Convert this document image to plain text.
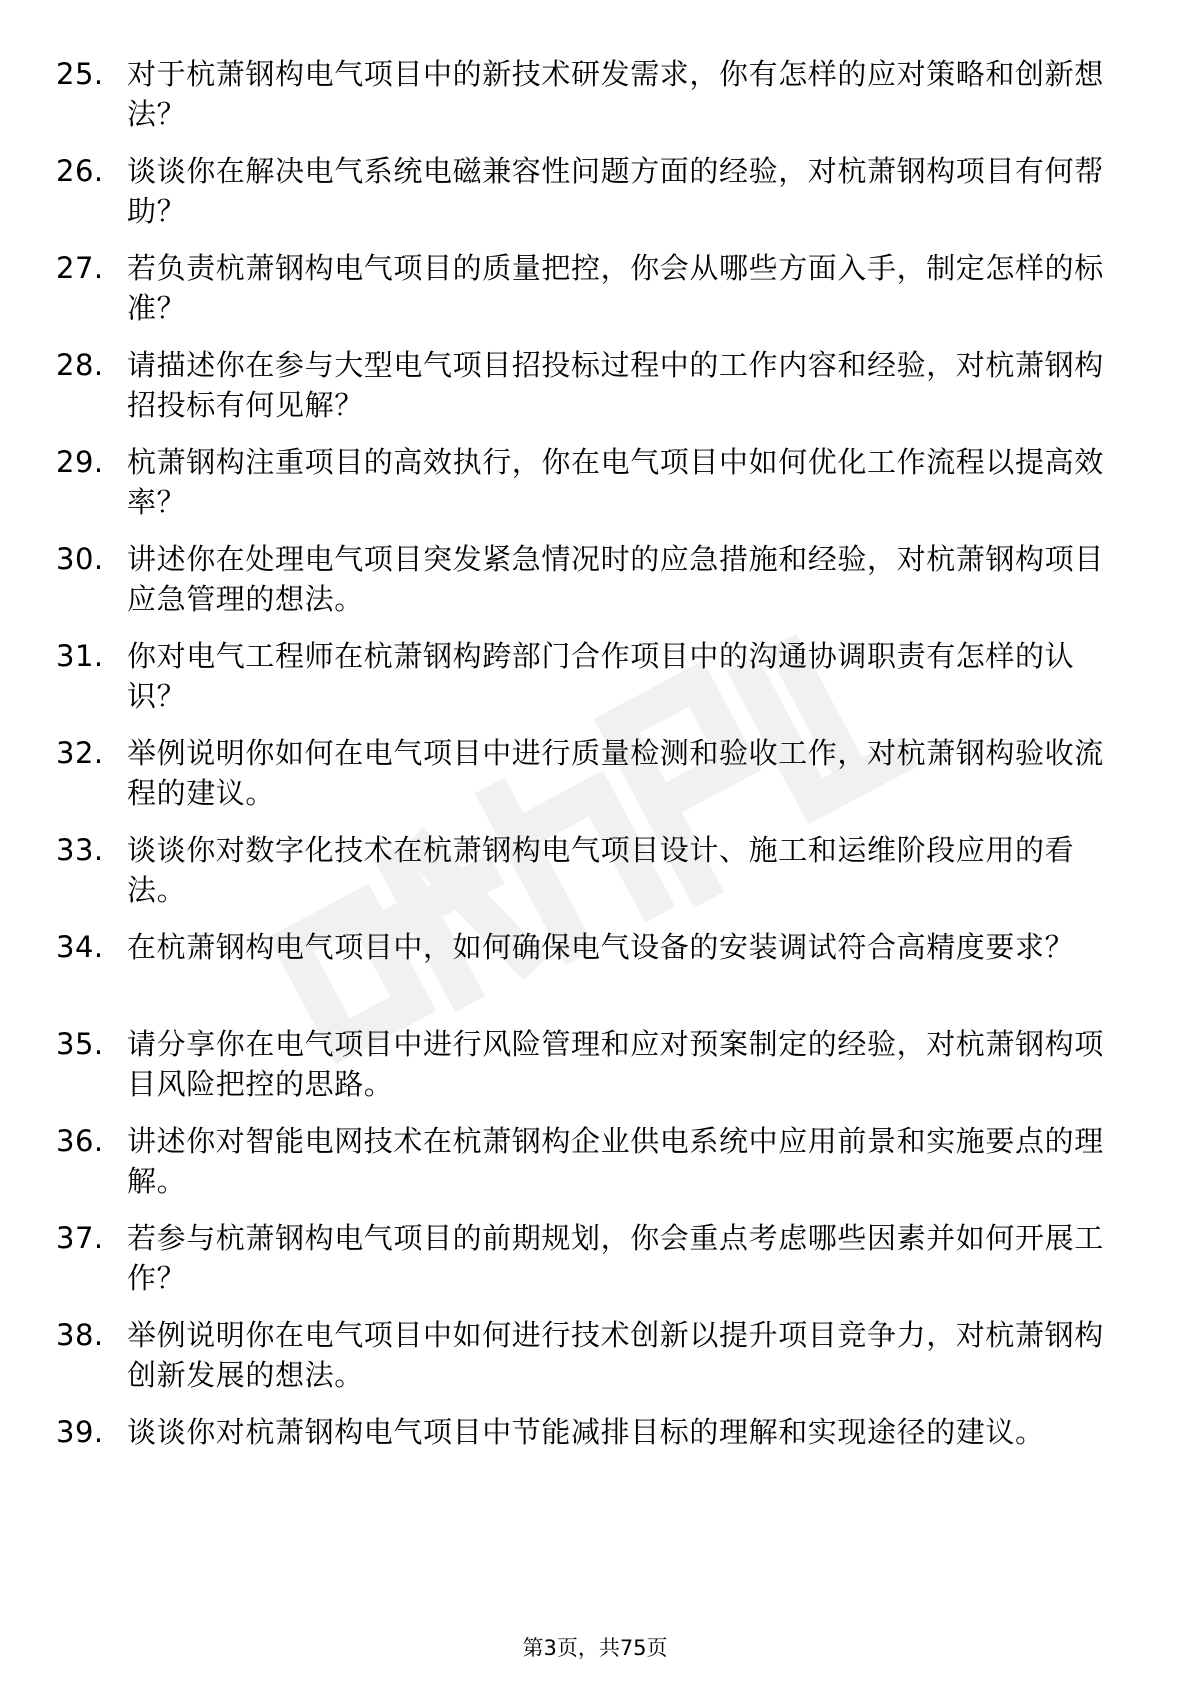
25. 对于杭萧钢构电气项目中的新技术研发需求，你有怎样的应对策略和创新想法？
26. 谈谈你在解决电气系统电磁兼容性问题方面的经验，对杭萧钢构项目有何帮助？
27. 若负责杭萧钢构电气项目的质量把控，你会从哪些方面入手，制定怎样的标准？
28. 请描述你在参与大型电气项目招投标过程中的工作内容和经验，对杭萧钢构招投标有何见解？
29. 杭萧钢构注重项目的高效执行，你在电气项目中如何优化工作流程以提高效率？
30. 讲述你在处理电气项目突发紧急情况时的应急措施和经验，对杭萧钢构项目应急管理的想法。
31. 你对电气工程师在杭萧钢构跨部门合作项目中的沟通协调职责有怎样的认识？
32. 举例说明你如何在电气项目中进行质量检测和验收工作，对杭萧钢构验收流程的建议。
33. 谈谈你对数字化技术在杭萧钢构电气项目设计、施工和运维阶段应用的看法。
34. 在杭萧钢构电气项目中，如何确保电气设备的安装调试符合高精度要求？
35. 请分享你在电气项目中进行风险管理和应对预案制定的经验，对杭萧钢构项目风险把控的思路。
36. 讲述你对智能电网技术在杭萧钢构企业供电系统中应用前景和实施要点的理解。
37. 若参与杭萧钢构电气项目的前期规划，你会重点考虑哪些因素并如何开展工作？
38. 举例说明你在电气项目中如何进行技术创新以提升项目竞争力，对杭萧钢构创新发展的想法。
39. 谈谈你对杭萧钢构电气项目中节能减排目标的理解和实现途径的建议。
第3页，共75页
